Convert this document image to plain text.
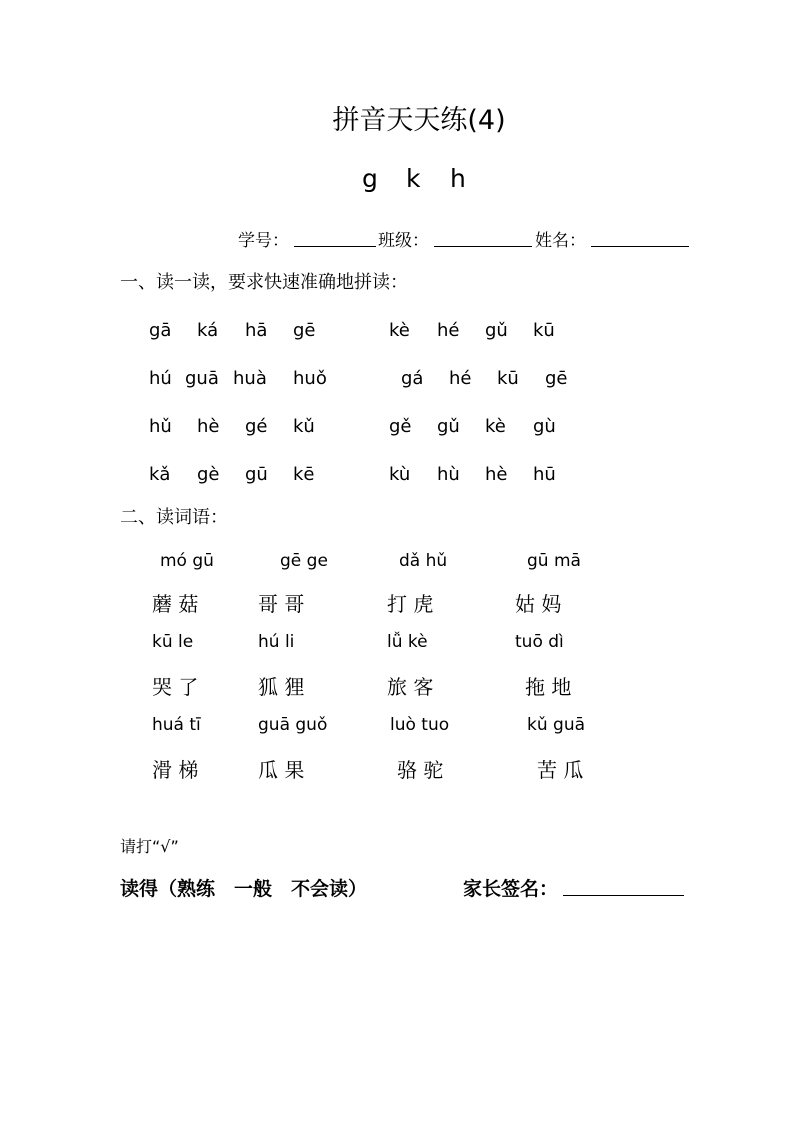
拼音天天练(4)
g k h
学号：	班级：	姓名：
一、读一读，要求快速准确地拼读：
gā ká hā gē	kè hé gǔ kū
hú guā huà huǒ	gá hé kū gē
hǔ hè gé kǔ	gě gǔ kè gù
kǎ gè gū kē	kù hù hè hū
二、读词语：
mó gū	gē ge	dǎ hǔ	gū mā
蘑 菇	哥 哥	打 虎	姑 妈
kū le	hú li	lǚ kè	tuō dì
哭 了	狐 狸	旅 客	拖 地
huá tī	guā guǒ	luò tuo	kǔ guā
滑 梯	瓜 果	骆 驼	苦 瓜
请打“√”
读得（熟练　一般　不会读）	家长签名：
